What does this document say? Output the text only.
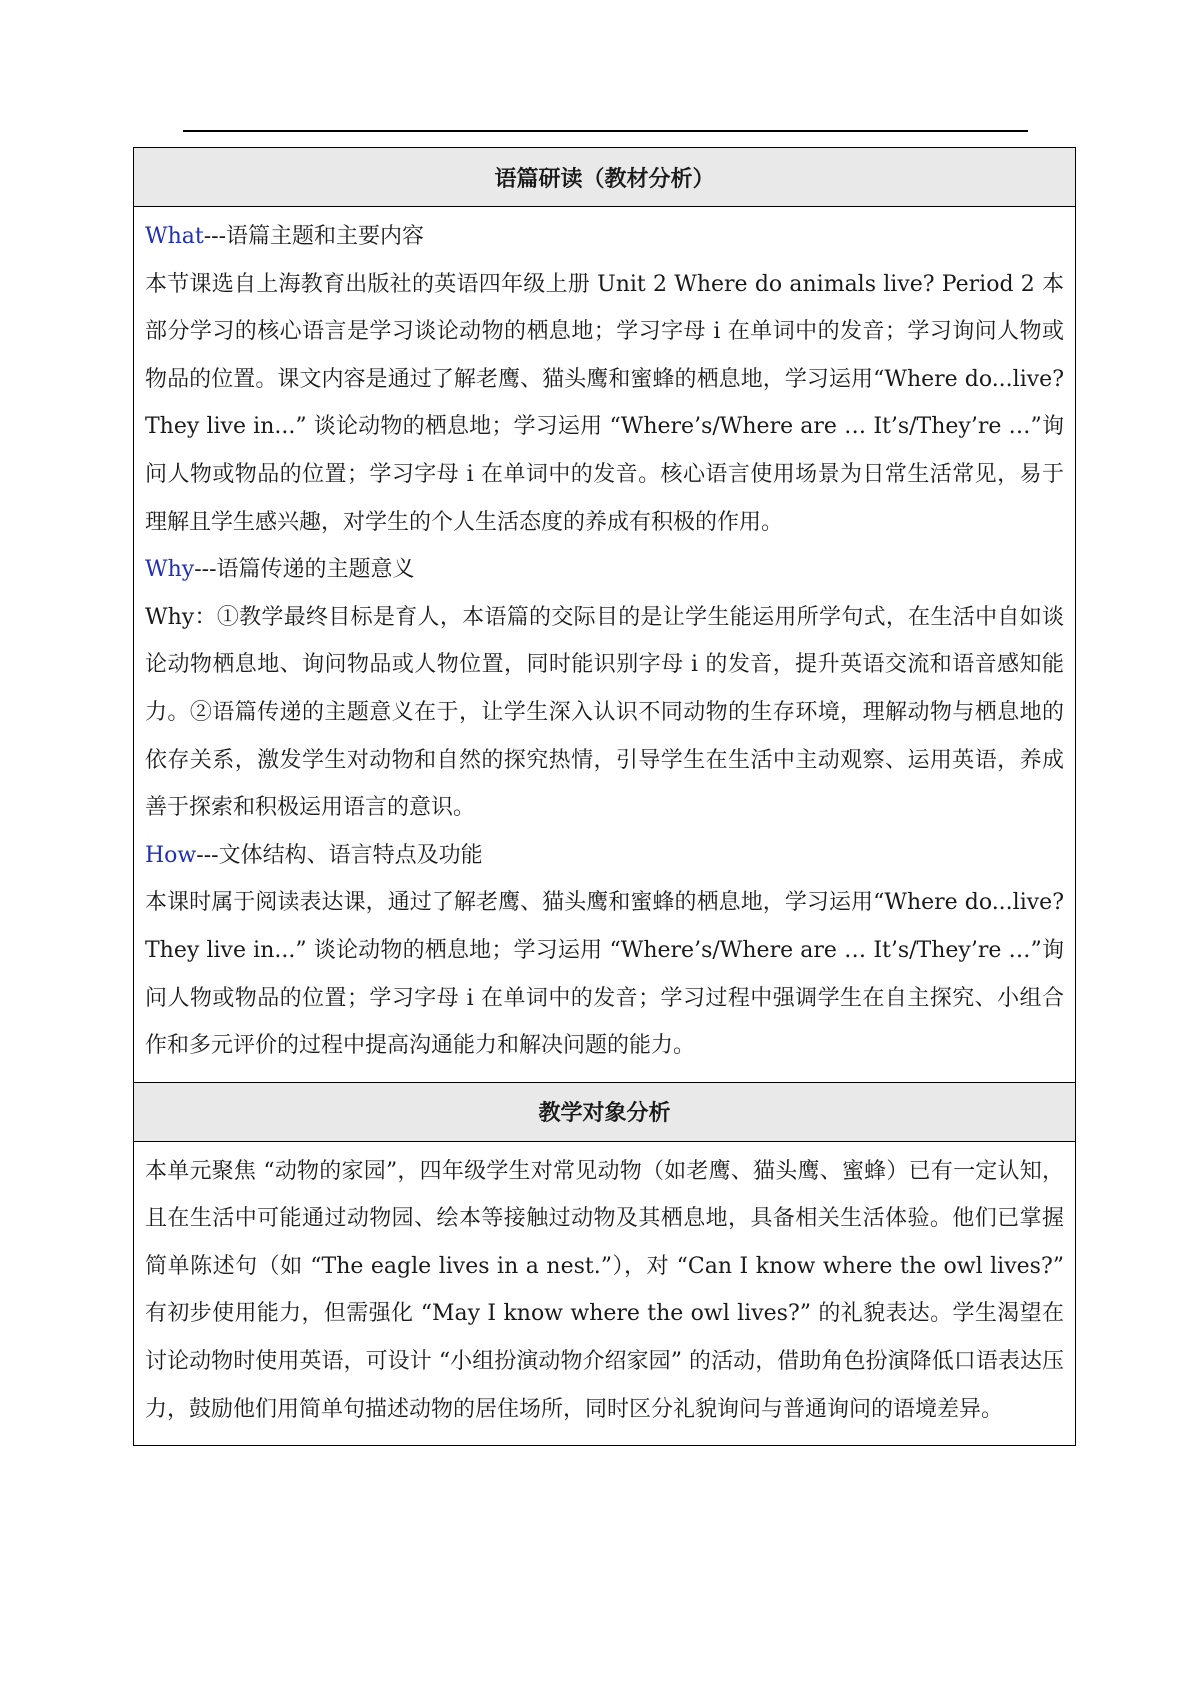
语篇研读（教材分析）

What---语篇主题和主要内容
本节课选自上海教育出版社的英语四年级上册 Unit 2 Where do animals live? Period 2 本部分学习的核心语言是学习谈论动物的栖息地；学习字母 i 在单词中的发音；学习询问人物或物品的位置。课文内容是通过了解老鹰、猫头鹰和蜜蜂的栖息地，学习运用“Where do...live? They live in...” 谈论动物的栖息地；学习运用 “Where’s/Where are … It’s/They’re …”询问人物或物品的位置；学习字母 i 在单词中的发音。核心语言使用场景为日常生活常见，易于理解且学生感兴趣，对学生的个人生活态度的养成有积极的作用。
Why---语篇传递的主题意义
Why：①教学最终目标是育人，本语篇的交际目的是让学生能运用所学句式，在生活中自如谈论动物栖息地、询问物品或人物位置，同时能识别字母 i 的发音，提升英语交流和语音感知能力。②语篇传递的主题意义在于，让学生深入认识不同动物的生存环境，理解动物与栖息地的依存关系，激发学生对动物和自然的探究热情，引导学生在生活中主动观察、运用英语，养成善于探索和积极运用语言的意识。
How---文体结构、语言特点及功能
本课时属于阅读表达课，通过了解老鹰、猫头鹰和蜜蜂的栖息地，学习运用“Where do...live? They live in...” 谈论动物的栖息地；学习运用 “Where’s/Where are … It’s/They’re …”询问人物或物品的位置；学习字母 i 在单词中的发音；学习过程中强调学生在自主探究、小组合作和多元评价的过程中提高沟通能力和解决问题的能力。

教学对象分析

本单元聚焦 “动物的家园”，四年级学生对常见动物（如老鹰、猫头鹰、蜜蜂）已有一定认知，且在生活中可能通过动物园、绘本等接触过动物及其栖息地，具备相关生活体验。他们已掌握简单陈述句（如 “The eagle lives in a nest.”），对 “Can I know where the owl lives?” 有初步使用能力，但需强化 “May I know where the owl lives?” 的礼貌表达。学生渴望在讨论动物时使用英语，可设计 “小组扮演动物介绍家园” 的活动，借助角色扮演降低口语表达压力，鼓励他们用简单句描述动物的居住场所，同时区分礼貌询问与普通询问的语境差异。
